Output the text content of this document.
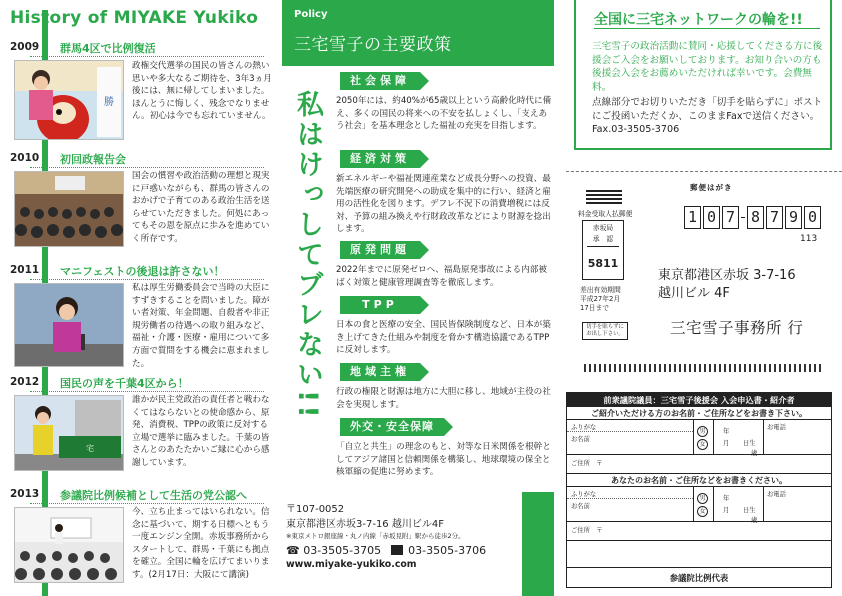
History of MIYAKE Yukiko
2009 群馬4区で比例復活
勝
政権交代選挙の国民の皆さんの熱い思いや多大なるご期待を、3年3ヵ月後には、無に帰してしまいました。ほんとうに悔しく、残念でなりません。初心は今でも忘れていません。
2010 初回政報告会
国会の慣習や政治活動の理想と現実に戸惑いながらも、群馬の皆さんのおかげで子育てのある政治生活を送らせていただきました。何処にあってもその恩を原点に歩みを進めていく所存です。
2011 マニフェストの後退は許さない！
私は厚生労働委員会で当時の大臣にすずきすることを問いました。障がい者対策、年金問題、自殺者や非正規労働者の待遇への取り組みなど、福祉・介護・医療・雇用について多方面で質問をする機会に恵まれました。
2012 国民の声を千葉4区から！
宅
誰かが民主党政治の責任者と戦わなくてはならないとの使命感から、原発、消費税、TPPの政策に反対する立場で選挙に臨みました。千葉の皆さんとのあたたかいご縁に心から感謝しています。
2013 参議院比例候補として生活の党公認へ
今、立ち止まってはいられない。信念に基づいて、期する日標へともう一度エンジン全開。赤坂事務所からスタートして、群馬・千葉にも拠点を確立。全国に輪を広げてまいります。(2月17日：大阪にて講演)
Policy
三宅雪子の主要政策
私はけっしてブレない!!
社会保障
2050年には、約40%が65歳以上という高齢化時代に備え、多くの国民の将来への不安を払しょくし、「支えあう社会」を基本理念とした福祉の充実を目指します。
経済対策
新エネルギーや福祉関連産業など成長分野への投資、最先端医療の研究開発への助成を集中的に行い、経済と雇用の活性化を図ります。デフレ不況下の消費増税には反対、予算の組み換えや行財政改革などにより財源を捻出します。
原発問題
2022年までに原発ゼロへ、福島原発事故による内部被ばく対策と健康管理調査等を徹底します。
TPP
日本の食と医療の安全、国民皆保険制度など、日本が築き上げてきた仕組みや制度を脅かす構造協議であるTPPに反対します。
地域主権
行政の権限と財源は地方に大胆に移し、地域が主役の社会を実現します。
外交・安全保障
「自立と共生」の理念のもと、対等な日米関係を根幹としてアジア諸国と信頼関係を構築し、地球環境の保全と核軍縮の促進に努めます。
〒107-0052
東京都港区赤坂3-7-16 越川ビル4F
※東京メトロ銀座線・丸ノ内線「赤坂見附」駅から徒歩2分。
☎ 03-3505-3705 03-3505-3706
www.miyake-yukiko.com
全国に三宅ネットワークの輪を!!
三宅雪子の政治活動に賛同・応援してくださる方に後援会ご入会をお願いしております。お知り合いの方も後援会入会をお薦めいただければ幸いです。会費無料。
点線部分でお切りいただき「切手を貼らずに」ポストにご投函いただくか、このままFaxで送信ください。Fax.03-3505-3706
料金受取人払郵便
赤坂局
承　認
5811
差出有効期間
平成27年2月
17日まで
切手を貼らずにお出し下さい。
郵便はがき
1 0 7 8 7 9 0
113
東京都港区赤坂 3-7-16
越川ビル 4F
三宅雪子事務所 行
前衆議院議員：三宅雪子後援会 入会申込書・紹介者
ご紹介いただける方のお名前・ご住所などをお書き下さい。
ふりがな
お名前
男
女
年
月 日生
歳
お電話
ご住所　〒
あなたのお名前・ご住所などをお書きください。
ふりがな
お名前
男
女
年
月 日生
歳
お電話
ご住所　〒
参議院比例代表
